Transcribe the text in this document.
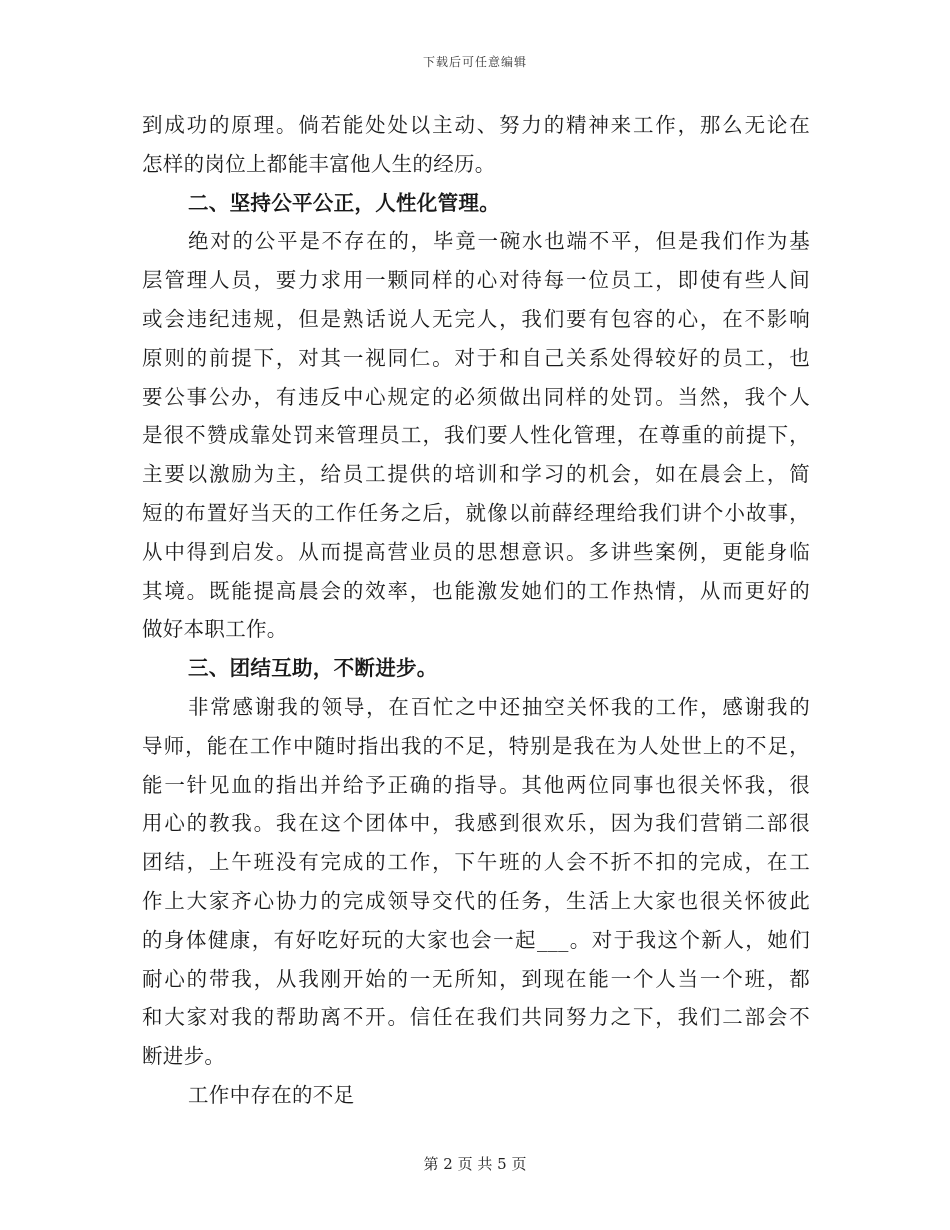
下载后可任意编辑
到成功的原理。倘若能处处以主动、努力的精神来工作，那么无论在
怎样的岗位上都能丰富他人生的经历。
二、坚持公平公正，人性化管理。
绝对的公平是不存在的，毕竟一碗水也端不平，但是我们作为基
层管理人员，要力求用一颗同样的心对待每一位员工，即使有些人间
或会违纪违规，但是熟话说人无完人，我们要有包容的心，在不影响
原则的前提下，对其一视同仁。对于和自己关系处得较好的员工，也
要公事公办，有违反中心规定的必须做出同样的处罚。当然，我个人
是很不赞成靠处罚来管理员工，我们要人性化管理，在尊重的前提下，
主要以激励为主，给员工提供的培训和学习的机会，如在晨会上，简
短的布置好当天的工作任务之后，就像以前薛经理给我们讲个小故事，
从中得到启发。从而提高营业员的思想意识。多讲些案例，更能身临
其境。既能提高晨会的效率，也能激发她们的工作热情，从而更好的
做好本职工作。
三、团结互助，不断进步。
非常感谢我的领导，在百忙之中还抽空关怀我的工作，感谢我的
导师，能在工作中随时指出我的不足，特别是我在为人处世上的不足，
能一针见血的指出并给予正确的指导。其他两位同事也很关怀我，很
用心的教我。我在这个团体中，我感到很欢乐，因为我们营销二部很
团结，上午班没有完成的工作，下午班的人会不折不扣的完成，在工
作上大家齐心协力的完成领导交代的任务，生活上大家也很关怀彼此
的身体健康，有好吃好玩的大家也会一起___。对于我这个新人，她们
耐心的带我，从我刚开始的一无所知，到现在能一个人当一个班，都
和大家对我的帮助离不开。信任在我们共同努力之下，我们二部会不
断进步。
工作中存在的不足
第 2 页 共 5 页
